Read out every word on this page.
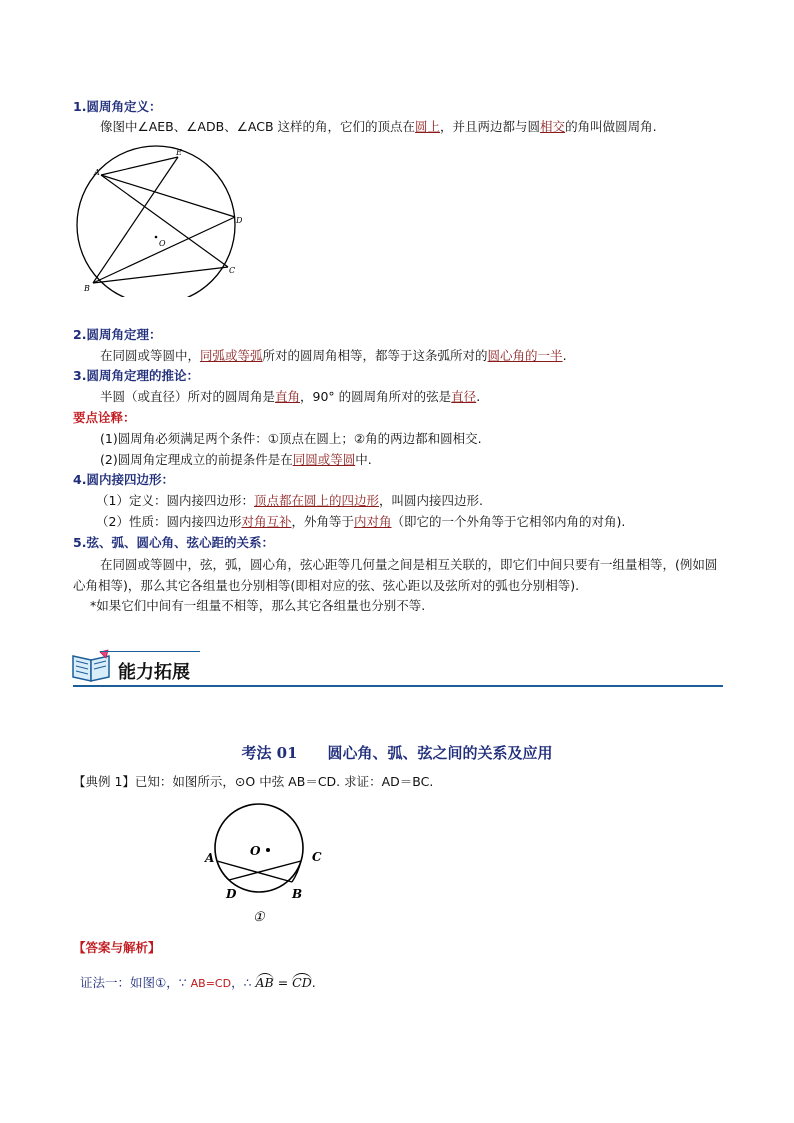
1.圆周角定义：
像图中∠AEB、∠ADB、∠ACB 这样的角，它们的顶点在圆上，并且两边都与圆相交的角叫做圆周角.
A
E
D
O
C
B
2.圆周角定理：
在同圆或等圆中，同弧或等弧所对的圆周角相等，都等于这条弧所对的圆心角的一半.
3.圆周角定理的推论：
半圆（或直径）所对的圆周角是直角，90° 的圆周角所对的弦是直径.
要点诠释：
(1)圆周角必须满足两个条件：①顶点在圆上；②角的两边都和圆相交.
(2)圆周角定理成立的前提条件是在同圆或等圆中.
4.圆内接四边形：
（1）定义：圆内接四边形：顶点都在圆上的四边形，叫圆内接四边形.
（2）性质：圆内接四边形对角互补，外角等于内对角（即它的一个外角等于它相邻内角的对角).
5.弦、弧、圆心角、弦心距的关系：
在同圆或等圆中，弦，弧，圆心角，弦心距等几何量之间是相互关联的，即它们中间只要有一组量相等，(例如圆心角相等)，那么其它各组量也分别相等(即相对应的弦、弦心距以及弦所对的弧也分别相等).
*如果它们中间有一组量不相等，那么其它各组量也分别不等.
能力拓展
考法 01　　圆心角、弧、弦之间的关系及应用
【典例 1】已知：如图所示，⊙O 中弦 AB＝CD. 求证：AD＝BC.
O
A	C
D	B
①
【答案与解析】
证法一：如图①，∵ AB=CD，∴ AB = CD.
